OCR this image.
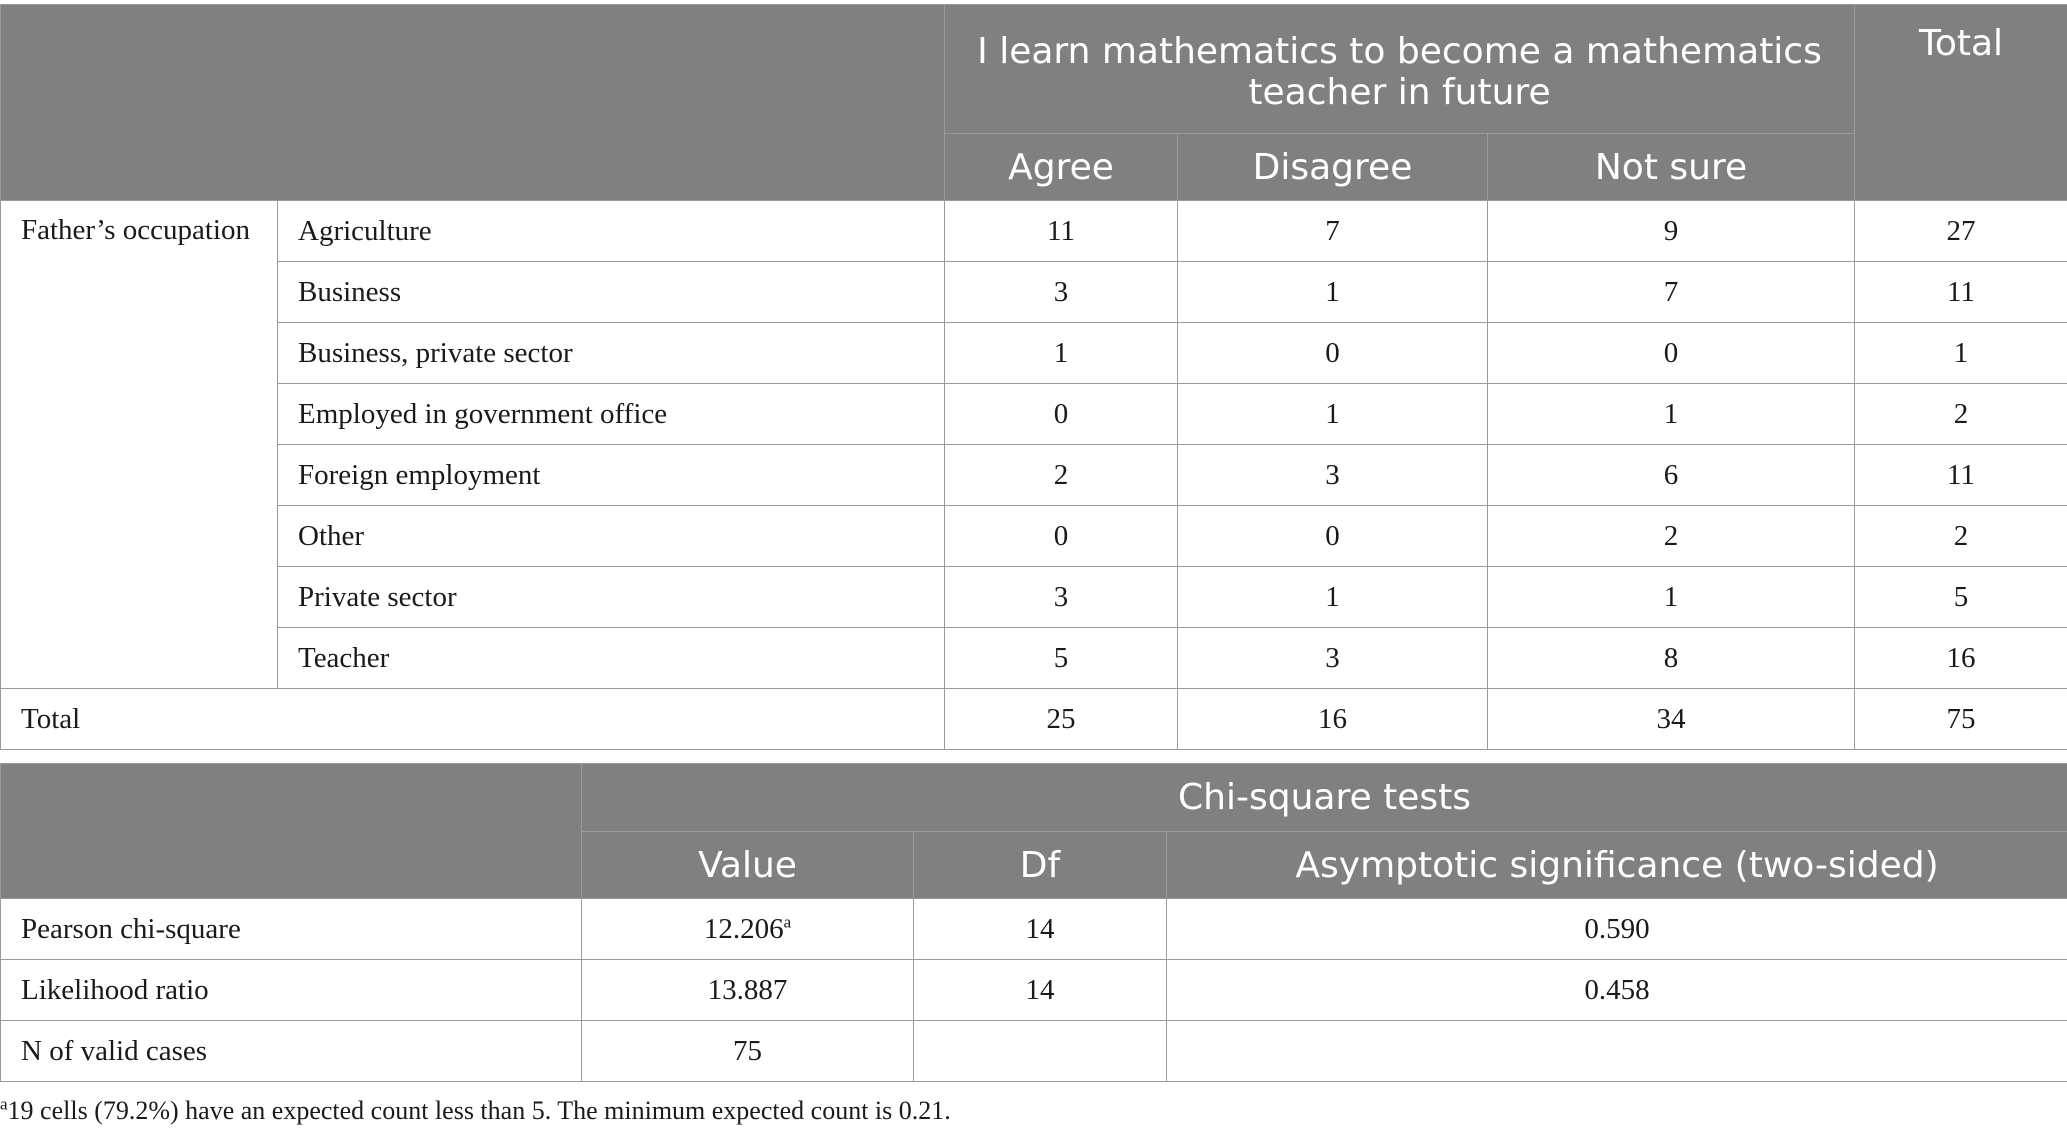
		I learn mathematics to become a mathematics teacher in future			Total
		Agree	Disagree	Not sure	
Father’s occupation	Agriculture	11	7	9	27
	Business	3	1	7	11
	Business, private sector	1	0	0	1
	Employed in government office	0	1	1	2
	Foreign employment	2	3	6	11
	Other	0	0	2	2
	Private sector	3	1	1	5
	Teacher	5	3	8	16
Total		25	16	34	75
	Chi-square tests		
	Value	Df	Asymptotic significance (two-sided)
Pearson chi-square	12.206$^a$	14	0.590
Likelihood ratio	13.887	14	0.458
N of valid cases	75		
$^a$19 cells (79.2%) have an expected count less than 5. The minimum expected count is 0.21.
